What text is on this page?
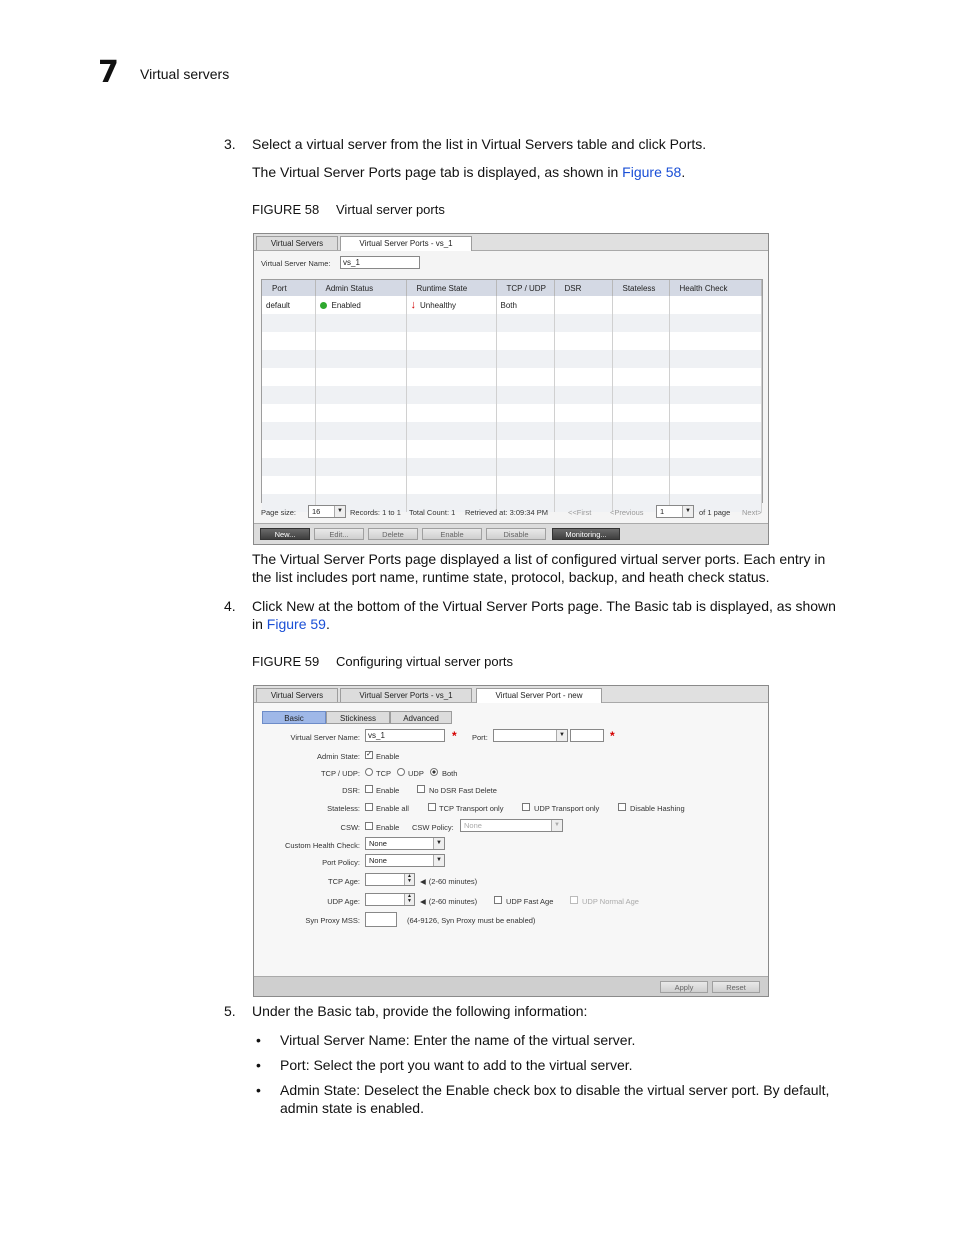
7 Virtual servers
3. Select a virtual server from the list in Virtual Servers table and click Ports.
The Virtual Server Ports page tab is displayed, as shown in Figure 58.
FIGURE 58 Virtual server ports
Virtual Servers	Virtual Server Ports - vs_1
Virtual Server Name:	vs_1
Port	Admin Status	Runtime State	TCP / UDP	DSR	Stateless	Health Check
default	Enabled	↓ Unhealthy	Both			

Page size:	16	▼ Records: 1 to 1 Total Count: 1 Retrieved at: 3:09:34 PM	<<First <Previous	1	▼ of 1 page Next>
New...	Edit...	Delete	Enable	Disable	Monitoring...
The Virtual Server Ports page displayed a list of configured virtual server ports. Each entry in
the list includes port name, runtime state, protocol, backup, and heath check status.
4. Click New at the bottom of the Virtual Server Ports page. The Basic tab is displayed, as shown
in Figure 59.
FIGURE 59 Configuring virtual server ports
Virtual Servers	Virtual Server Ports - vs_1	Virtual Server Port - new
Basic	Stickiness	Advanced
Virtual Server Name:	vs_1	* Port:	▼	*
Admin State: ✓ Enable
TCP / UDP: TCP UDP Both
DSR: Enable	No DSR Fast Delete
Stateless: Enable all	TCP Transport only	UDP Transport only	Disable Hashing
CSW: Enable CSW Policy:	None	▼
Custom Health Check:	None	▼
Port Policy:	None	▼
TCP Age:
▲
▼ ◀ (2-60 minutes)
UDP Age:
▲
▼ ◀ (2-60 minutes)	UDP Fast Age	UDP Normal Age
Syn Proxy MSS:	(64-9126, Syn Proxy must be enabled)
Apply	Reset
5. Under the Basic tab, provide the following information:
• Virtual Server Name: Enter the name of the virtual server.
• Port: Select the port you want to add to the virtual server.
• Admin State: Deselect the Enable check box to disable the virtual server port. By default,
admin state is enabled.
